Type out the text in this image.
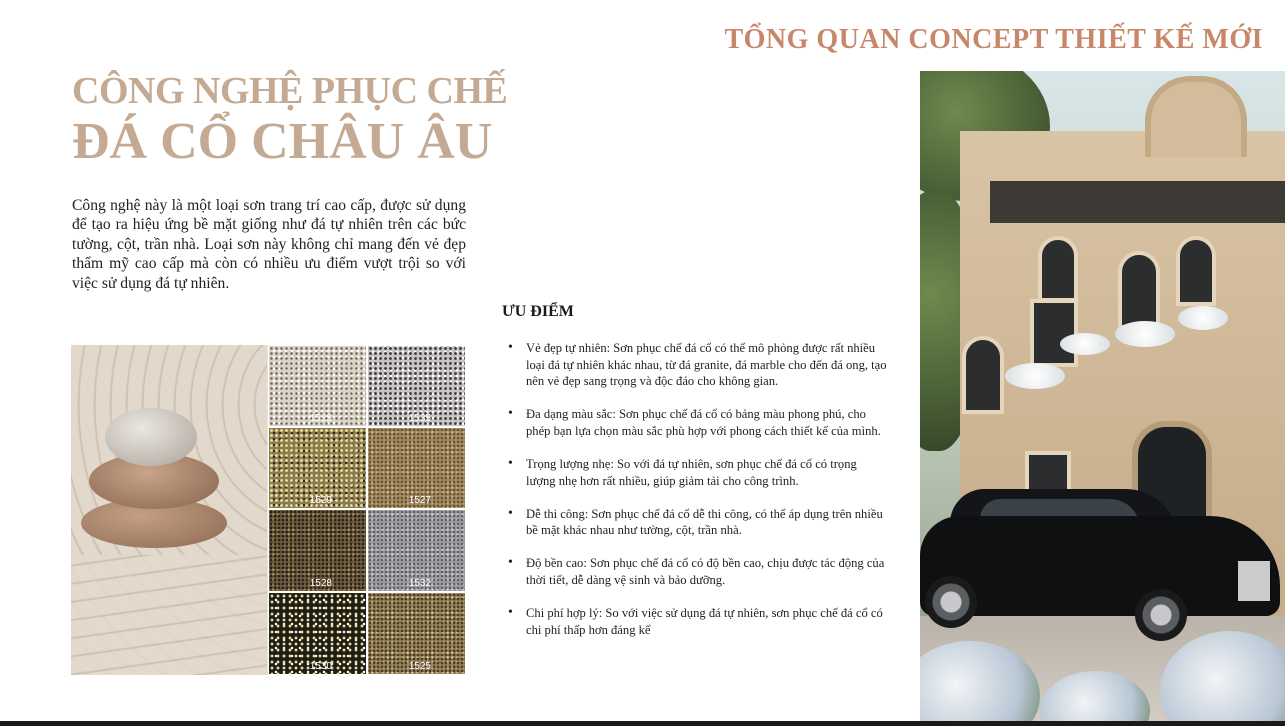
TỔNG QUAN CONCEPT THIẾT KẾ MỚI
CÔNG NGHỆ PHỤC CHẾ
ĐÁ CỔ CHÂU ÂU

Công nghệ này là một loại sơn trang trí cao cấp, được sử dụng để tạo ra hiệu ứng bề mặt giống như đá tự nhiên trên các bức tường, cột, trần nhà. Loại sơn này không chỉ mang đến vẻ đẹp thẩm mỹ cao cấp mà còn có nhiều ưu điểm vượt trội so với việc sử dụng đá tự nhiên.

1523	1535
1529	1527
1528	1532
1530	1525
ƯU ĐIỂM
• Vẻ đẹp tự nhiên: Sơn phục chế đá cổ có thể mô phỏng được rất nhiều loại đá tự nhiên khác nhau, từ đá granite, đá marble cho đến đá ong, tạo nên vẻ đẹp sang trọng và độc đáo cho không gian.
• Đa dạng màu sắc: Sơn phục chế đá cổ có bảng màu phong phú, cho phép bạn lựa chọn màu sắc phù hợp với phong cách thiết kế của mình.
• Trọng lượng nhẹ: So với đá tự nhiên, sơn phục chế đá cổ có trọng lượng nhẹ hơn rất nhiều, giúp giảm tải cho công trình.
• Dễ thi công: Sơn phục chế đá cổ dễ thi công, có thể áp dụng trên nhiều bề mặt khác nhau như tường, cột, trần nhà.
• Độ bền cao: Sơn phục chế đá cổ có độ bền cao, chịu được tác động của thời tiết, dễ dàng vệ sinh và bảo dưỡng.
• Chi phí hợp lý: So với việc sử dụng đá tự nhiên, sơn phục chế đá cổ có chi phí thấp hơn đáng kể
